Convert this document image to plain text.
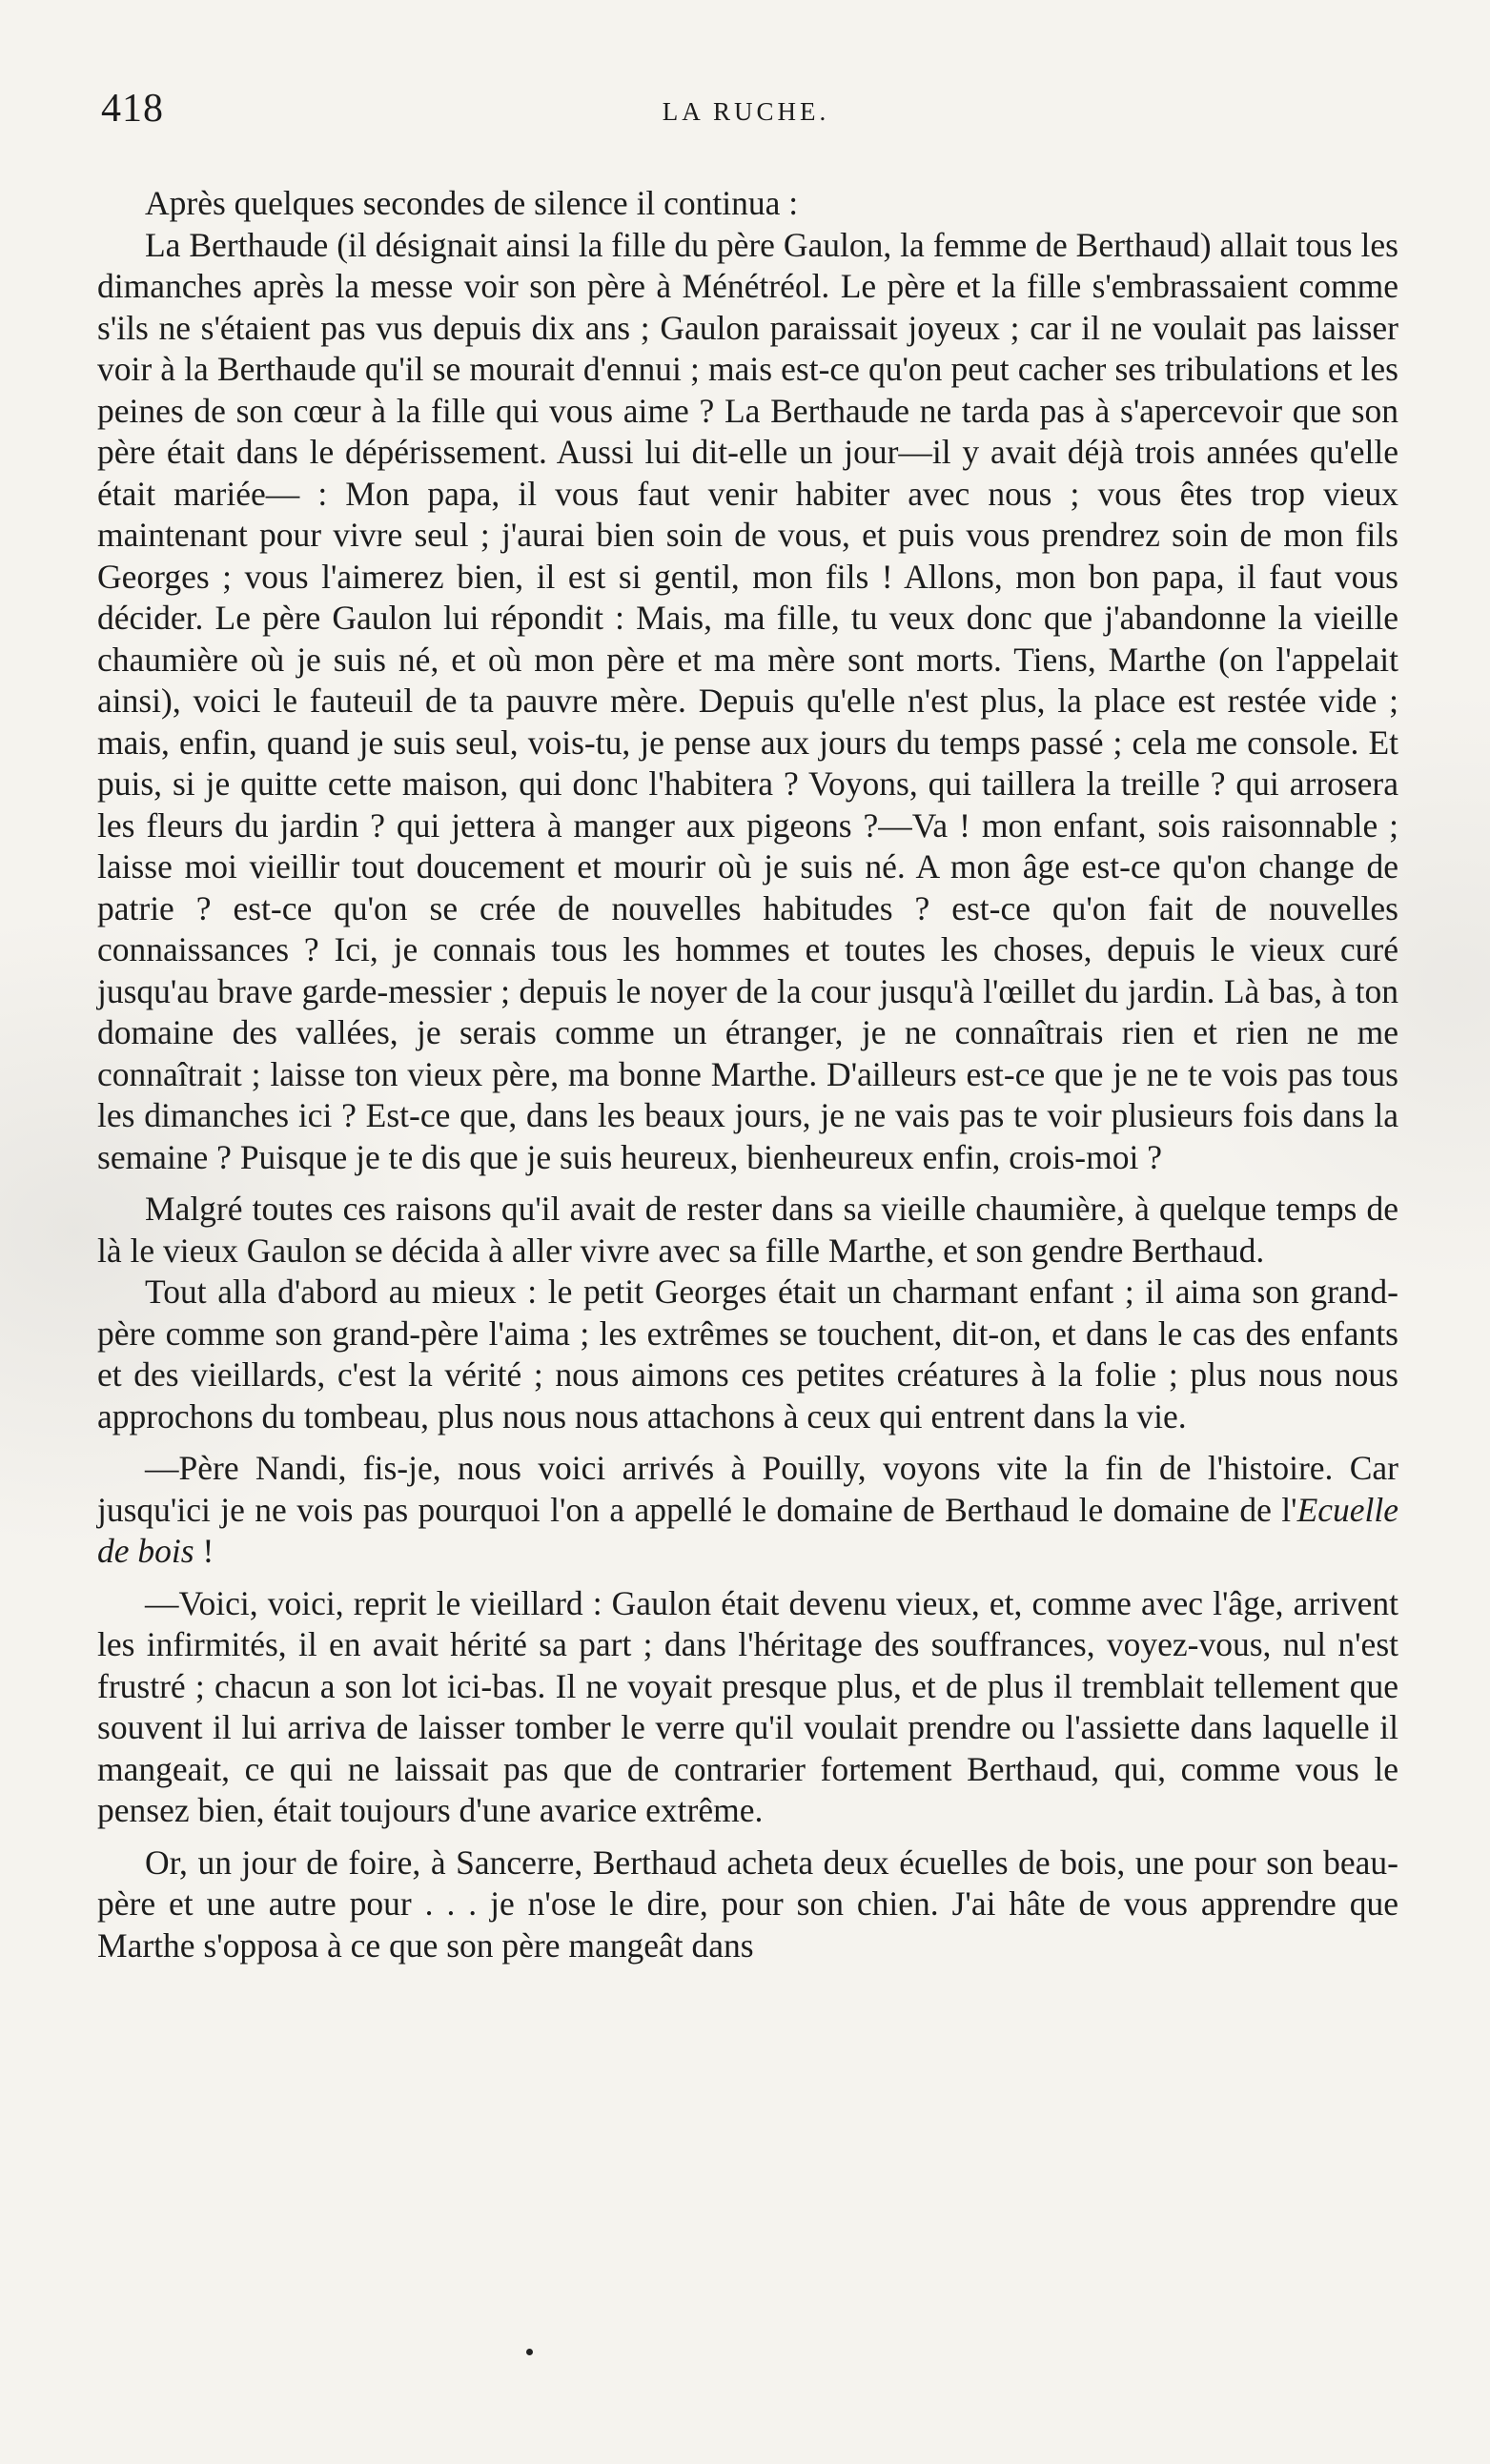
418	LA RUCHE.

Après quelques secondes de silence il continua :

La Berthaude (il désignait ainsi la fille du père Gaulon, la femme de Berthaud) allait tous les dimanches après la messe voir son père à Ménétréol. Le père et la fille s'embrassaient comme s'ils ne s'étaient pas vus depuis dix ans ; Gaulon paraissait joyeux ; car il ne voulait pas laisser voir à la Berthaude qu'il se mourait d'ennui ; mais est-ce qu'on peut cacher ses tribulations et les peines de son cœur à la fille qui vous aime ? La Berthaude ne tarda pas à s'apercevoir que son père était dans le dépérissement. Aussi lui dit-elle un jour—il y avait déjà trois années qu'elle était mariée— : Mon papa, il vous faut venir habiter avec nous ; vous êtes trop vieux maintenant pour vivre seul ; j'aurai bien soin de vous, et puis vous prendrez soin de mon fils Georges ; vous l'aimerez bien, il est si gentil, mon fils ! Allons, mon bon papa, il faut vous décider. Le père Gaulon lui répondit : Mais, ma fille, tu veux donc que j'abandonne la vieille chaumière où je suis né, et où mon père et ma mère sont morts. Tiens, Marthe (on l'appelait ainsi), voici le fauteuil de ta pauvre mère. Depuis qu'elle n'est plus, la place est restée vide ; mais, enfin, quand je suis seul, vois-tu, je pense aux jours du temps passé ; cela me console. Et puis, si je quitte cette maison, qui donc l'habitera ? Voyons, qui taillera la treille ? qui arrosera les fleurs du jardin ? qui jettera à manger aux pigeons ?—Va ! mon enfant, sois raisonnable ; laisse moi vieillir tout doucement et mourir où je suis né. A mon âge est-ce qu'on change de patrie ? est-ce qu'on se crée de nouvelles habitudes ? est-ce qu'on fait de nouvelles connaissances ? Ici, je connais tous les hommes et toutes les choses, depuis le vieux curé jusqu'au brave garde-messier ; depuis le noyer de la cour jusqu'à l'œillet du jardin. Là bas, à ton domaine des vallées, je serais comme un étranger, je ne connaîtrais rien et rien ne me connaîtrait ; laisse ton vieux père, ma bonne Marthe. D'ailleurs est-ce que je ne te vois pas tous les dimanches ici ? Est-ce que, dans les beaux jours, je ne vais pas te voir plusieurs fois dans la semaine ? Puisque je te dis que je suis heureux, bienheureux enfin, crois-moi ?

Malgré toutes ces raisons qu'il avait de rester dans sa vieille chaumière, à quelque temps de là le vieux Gaulon se décida à aller vivre avec sa fille Marthe, et son gendre Berthaud.

Tout alla d'abord au mieux : le petit Georges était un charmant enfant ; il aima son grand-père comme son grand-père l'aima ; les extrêmes se touchent, dit-on, et dans le cas des enfants et des vieillards, c'est la vérité ; nous aimons ces petites créatures à la folie ; plus nous nous approchons du tombeau, plus nous nous attachons à ceux qui entrent dans la vie.

—Père Nandi, fis-je, nous voici arrivés à Pouilly, voyons vite la fin de l'histoire. Car jusqu'ici je ne vois pas pourquoi l'on a appellé le domaine de Berthaud le domaine de l'Ecuelle de bois !

—Voici, voici, reprit le vieillard : Gaulon était devenu vieux, et, comme avec l'âge, arrivent les infirmités, il en avait hérité sa part ; dans l'héritage des souffrances, voyez-vous, nul n'est frustré ; chacun a son lot ici-bas. Il ne voyait presque plus, et de plus il tremblait tellement que souvent il lui arriva de laisser tomber le verre qu'il voulait prendre ou l'assiette dans laquelle il mangeait, ce qui ne laissait pas que de contrarier fortement Berthaud, qui, comme vous le pensez bien, était toujours d'une avarice extrême.

Or, un jour de foire, à Sancerre, Berthaud acheta deux écuelles de bois, une pour son beau-père et une autre pour . . . je n'ose le dire, pour son chien. J'ai hâte de vous apprendre que Marthe s'opposa à ce que son père mangeât dans
